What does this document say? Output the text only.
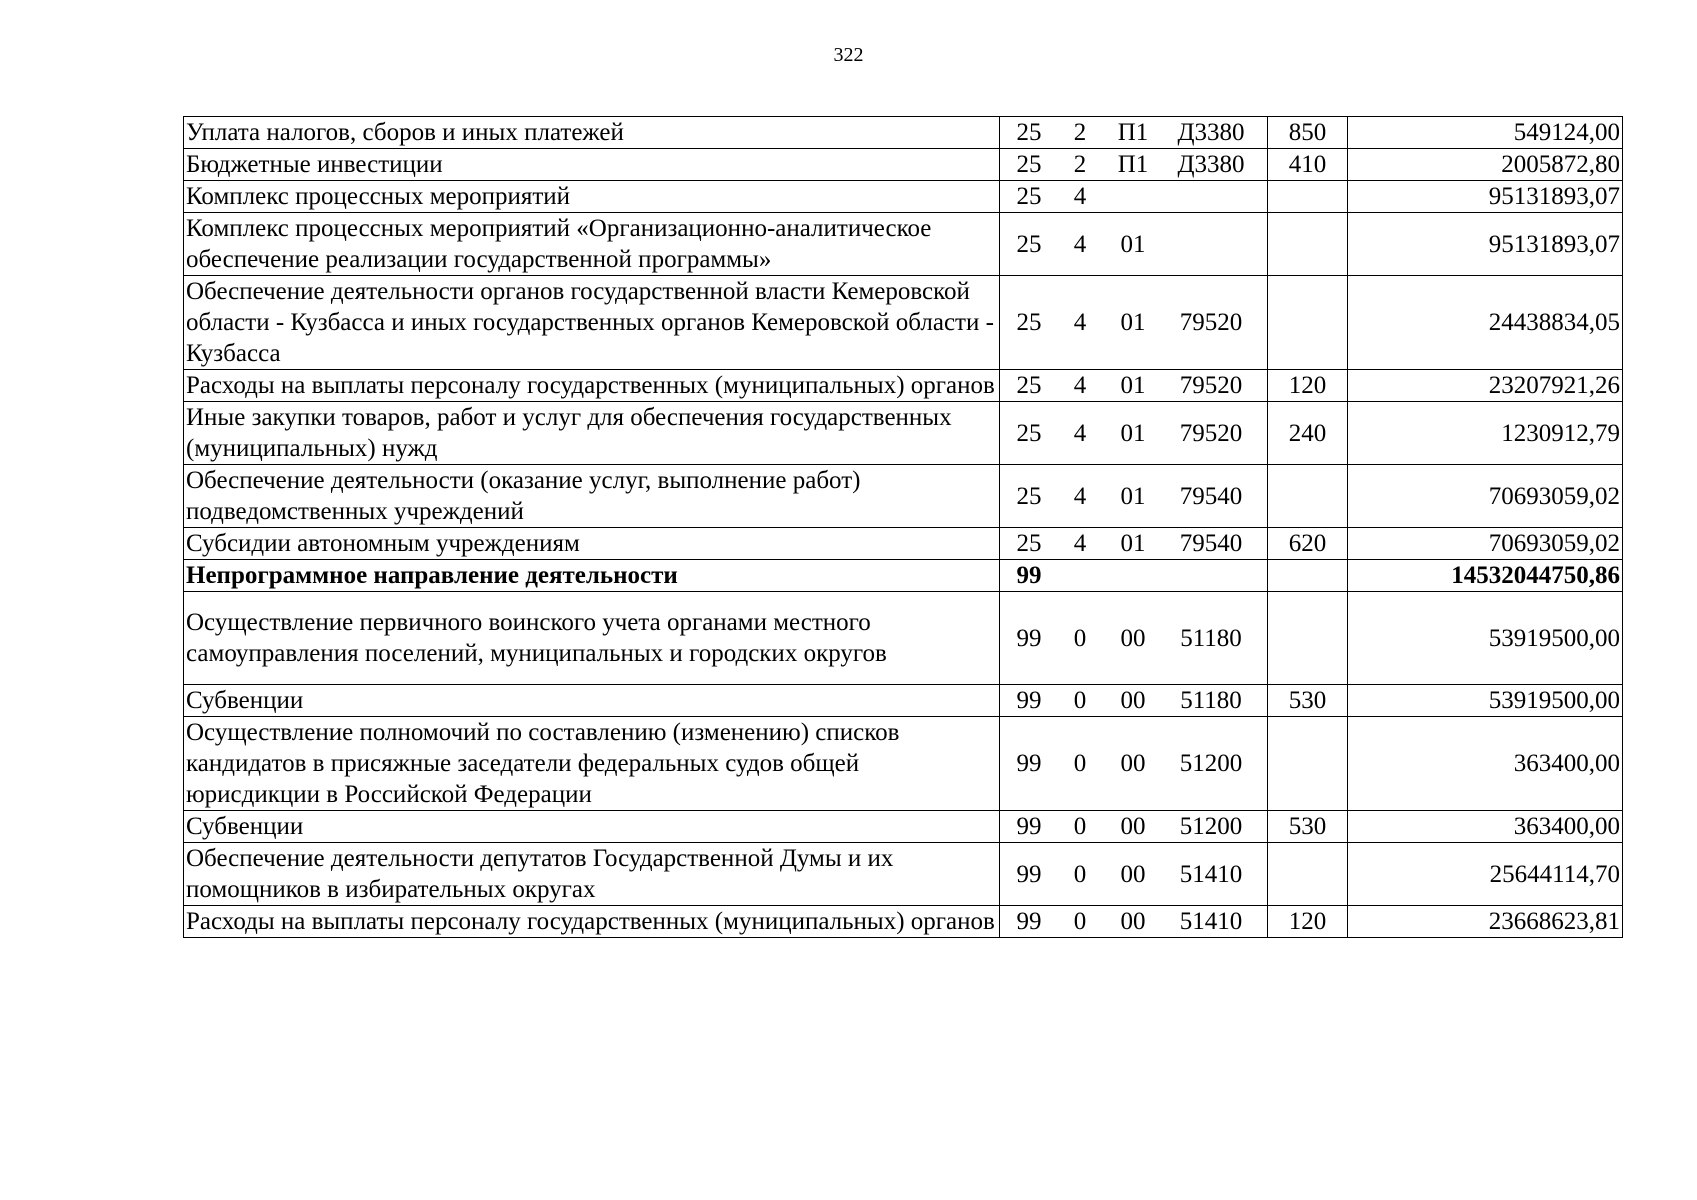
322
Уплата налогов, сборов и иных платежей	25 2 П1 Д3380	850	549124,00
Бюджетные инвестиции	25 2 П1 Д3380	410	2005872,80
Комплекс процессных мероприятий	25 4		95131893,07
Комплекс процессных мероприятий «Организационно-аналитическое обеспечение реализации государственной программы»	25 4 01		95131893,07
Обеспечение деятельности органов государственной власти Кемеровской области - Кузбасса и иных государственных органов Кемеровской области - Кузбасса	25 4 01 79520		24438834,05
Расходы на выплаты персоналу государственных (муниципальных) органов	25 4 01 79520	120	23207921,26
Иные закупки товаров, работ и услуг для обеспечения государственных (муниципальных) нужд	25 4 01 79520	240	1230912,79
Обеспечение деятельности (оказание услуг, выполнение работ) подведомственных учреждений	25 4 01 79540		70693059,02
Субсидии автономным учреждениям	25 4 01 79540	620	70693059,02
Непрограммное направление деятельности	99		14532044750,86
Осуществление первичного воинского учета органами местного самоуправления поселений, муниципальных и городских округов	99 0 00 51180		53919500,00
Субвенции	99 0 00 51180	530	53919500,00
Осуществление полномочий по составлению (изменению) списков кандидатов в присяжные заседатели федеральных судов общей юрисдикции в Российской Федерации	99 0 00 51200		363400,00
Субвенции	99 0 00 51200	530	363400,00
Обеспечение деятельности депутатов Государственной Думы и их помощников в избирательных округах	99 0 00 51410		25644114,70
Расходы на выплаты персоналу государственных (муниципальных) органов	99 0 00 51410	120	23668623,81
